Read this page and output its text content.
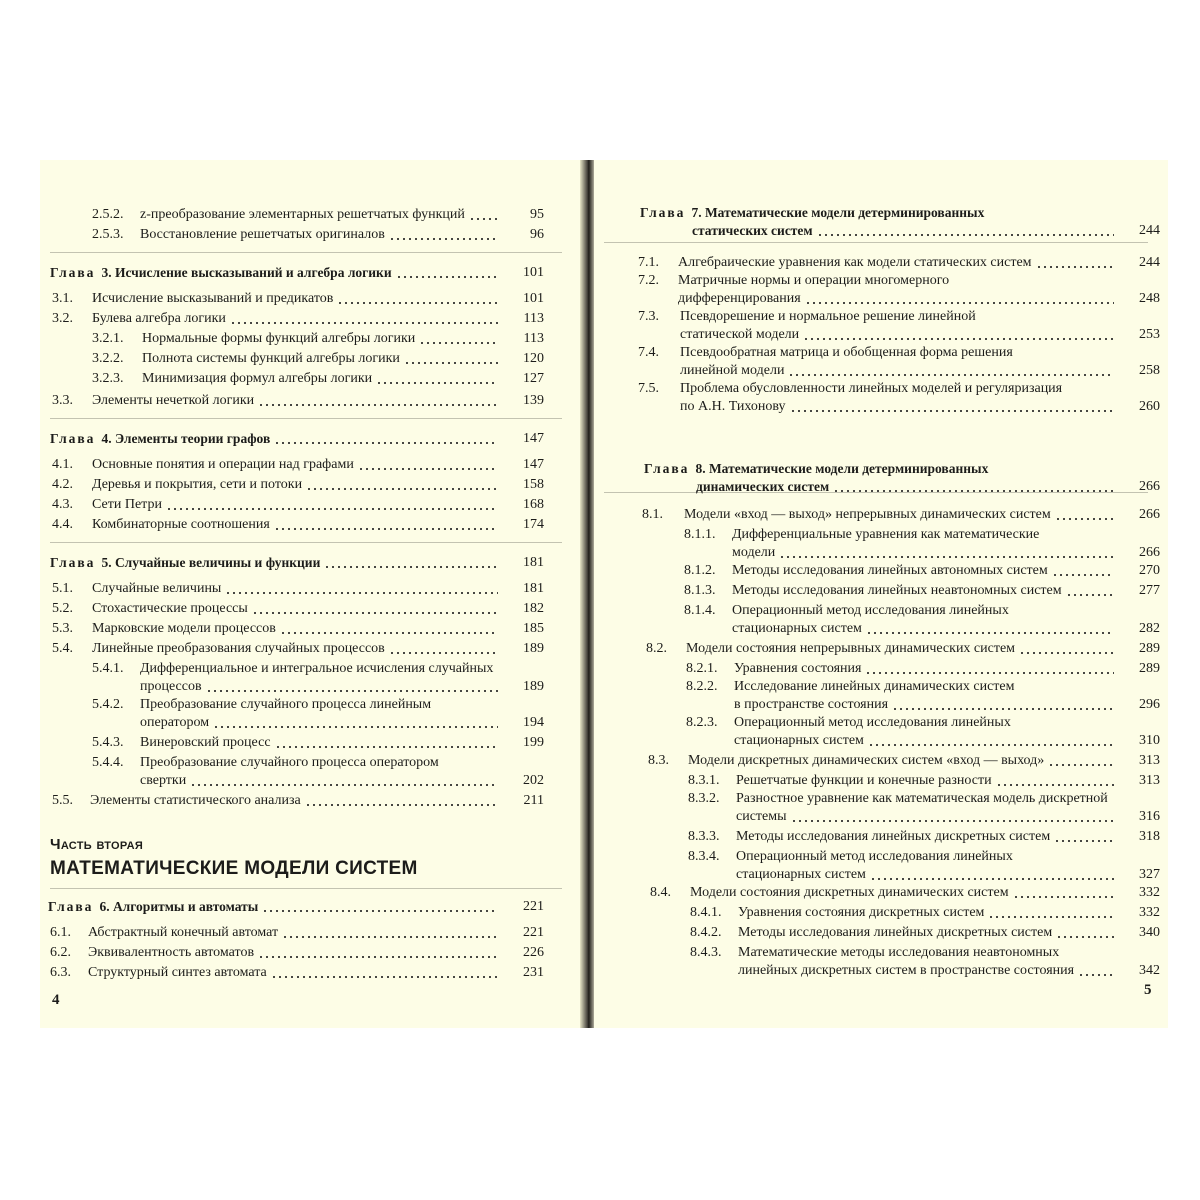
4
Часть вторая
МАТЕМАТИЧЕСКИЕ МОДЕЛИ СИСТЕМ
2.5.2. z-преобразование элементарных решетчатых функций	95
2.5.3. Восстановление решетчатых оригиналов	96
Глава 3. Исчисление высказываний и алгебра логики	101
3.1. Исчисление высказываний и предикатов	101
3.2. Булева алгебра логики	113
3.2.1. Нормальные формы функций алгебры логики	113
3.2.2. Полнота системы функций алгебры логики	120
3.2.3. Минимизация формул алгебры логики	127
3.3. Элементы нечеткой логики	139
Глава 4. Элементы теории графов	147
4.1. Основные понятия и операции над графами	147
4.2. Деревья и покрытия, сети и потоки	158
4.3. Сети Петри	168
4.4. Комбинаторные соотношения	174
Глава 5. Случайные величины и функции	181
5.1. Случайные величины	181
5.2. Стохастические процессы	182
5.3. Марковские модели процессов	185
5.4. Линейные преобразования случайных процессов	189
5.4.1. Дифференциальное и интегральное исчисления случайных
процессов	189
5.4.2. Преобразование случайного процесса линейным
оператором	194
5.4.3. Винеровский процесс	199
5.4.4. Преобразование случайного процесса оператором
свертки	202
5.5. Элементы статистического анализа	211
Глава 6. Алгоритмы и автоматы	221
6.1. Абстрактный конечный автомат	221
6.2. Эквивалентность автоматов	226
6.3. Структурный синтез автомата	231
5
Глава 7. Математические модели детерминированных
статических систем	244
7.1. Алгебраические уравнения как модели статических систем	244
7.2. Матричные нормы и операции многомерного
дифференцирования	248
7.3. Псевдорешение и нормальное решение линейной
статической модели	253
7.4. Псевдообратная матрица и обобщенная форма решения
линейной модели	258
7.5. Проблема обусловленности линейных моделей и регуляризация
по А.Н. Тихонову	260
Глава 8. Математические модели детерминированных
динамических систем	266
8.1. Модели «вход — выход» непрерывных динамических систем	266
8.1.1. Дифференциальные уравнения как математические
модели	266
8.1.2. Методы исследования линейных автономных систем	270
8.1.3. Методы исследования линейных неавтономных систем	277
8.1.4. Операционный метод исследования линейных
стационарных систем	282
8.2. Модели состояния непрерывных динамических систем	289
8.2.1. Уравнения состояния	289
8.2.2. Исследование линейных динамических систем
в пространстве состояния	296
8.2.3. Операционный метод исследования линейных
стационарных систем	310
8.3. Модели дискретных динамических систем «вход — выход»	313
8.3.1. Решетчатые функции и конечные разности	313
8.3.2. Разностное уравнение как математическая модель дискретной
системы	316
8.3.3. Методы исследования линейных дискретных систем	318
8.3.4. Операционный метод исследования линейных
стационарных систем	327
8.4. Модели состояния дискретных динамических систем	332
8.4.1. Уравнения состояния дискретных систем	332
8.4.2. Методы исследования линейных дискретных систем	340
8.4.3. Математические методы исследования неавтономных
линейных дискретных систем в пространстве состояния	342
